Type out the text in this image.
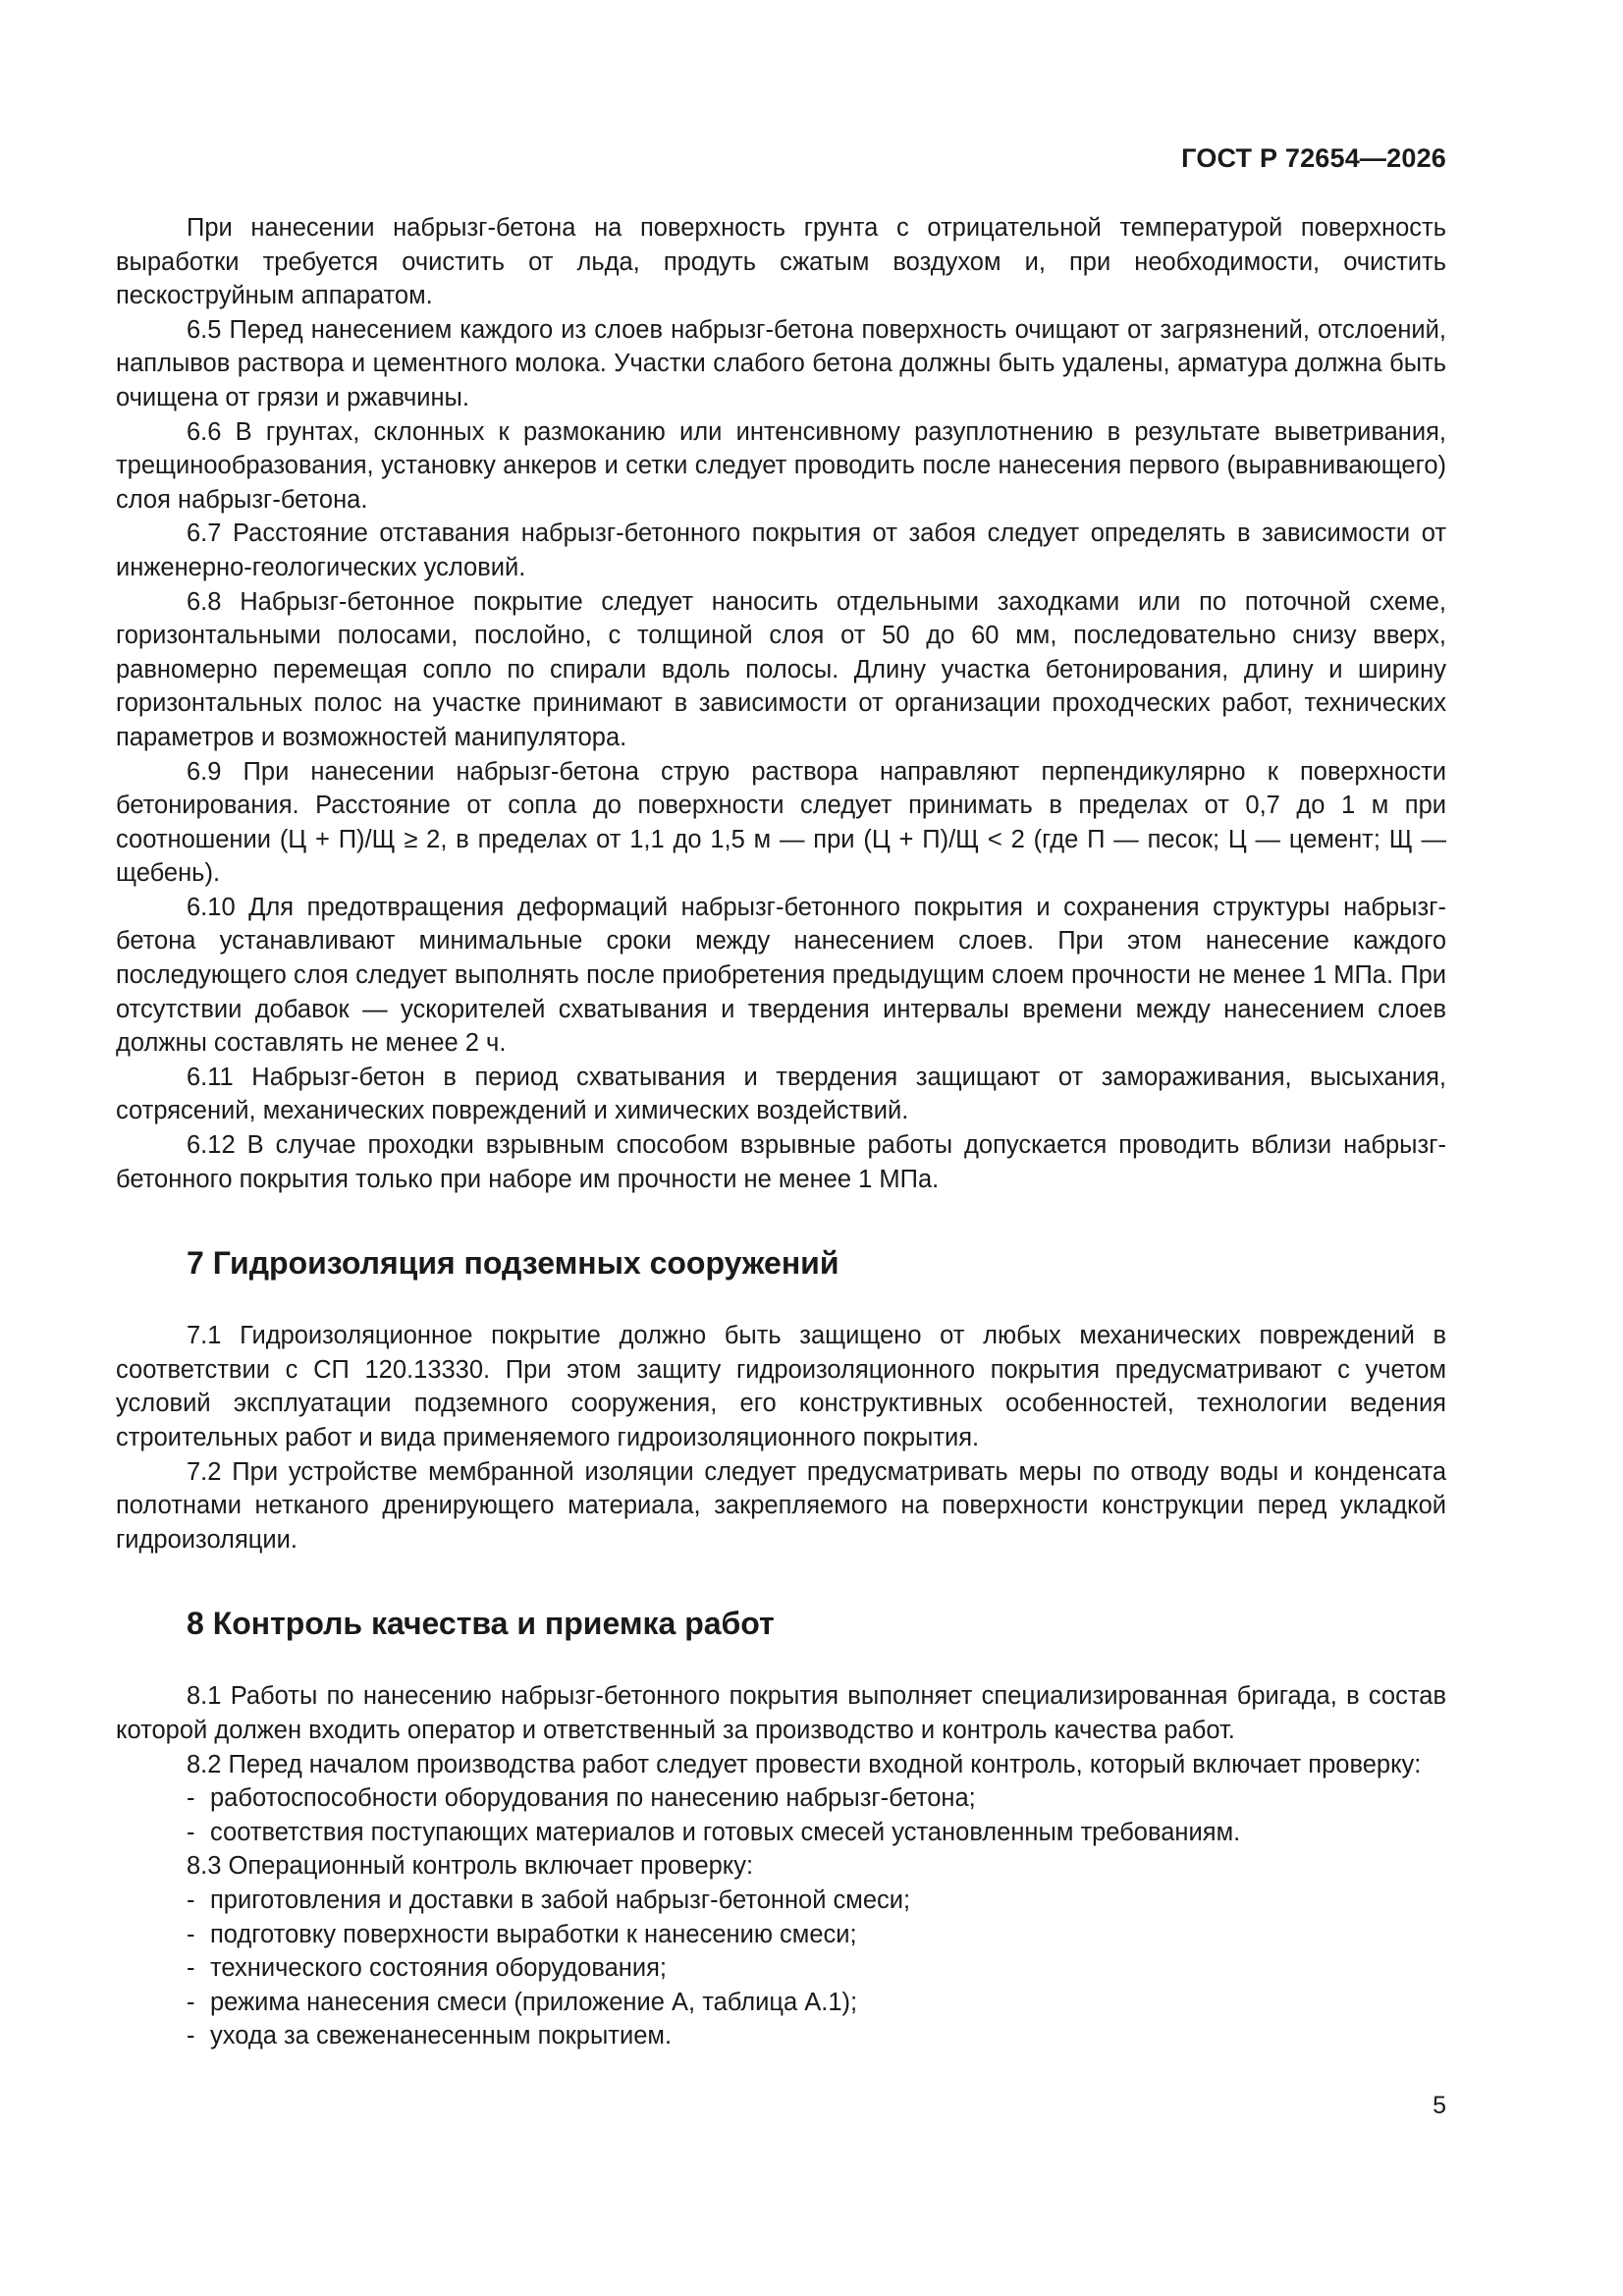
ГОСТ Р 72654—2026

При нанесении набрызг-бетона на поверхность грунта с отрицательной температурой поверхность выработки требуется очистить от льда, продуть сжатым воздухом и, при необходимости, очистить пескоструйным аппаратом.

6.5 Перед нанесением каждого из слоев набрызг-бетона поверхность очищают от загрязнений, отслоений, наплывов раствора и цементного молока. Участки слабого бетона должны быть удалены, арматура должна быть очищена от грязи и ржавчины.

6.6 В грунтах, склонных к размоканию или интенсивному разуплотнению в результате выветривания, трещинообразования, установку анкеров и сетки следует проводить после нанесения первого (выравнивающего) слоя набрызг-бетона.

6.7 Расстояние отставания набрызг-бетонного покрытия от забоя следует определять в зависимости от инженерно-геологических условий.

6.8 Набрызг-бетонное покрытие следует наносить отдельными заходками или по поточной схеме, горизонтальными полосами, послойно, с толщиной слоя от 50 до 60 мм, последовательно снизу вверх, равномерно перемещая сопло по спирали вдоль полосы. Длину участка бетонирования, длину и ширину горизонтальных полос на участке принимают в зависимости от организации проходческих работ, технических параметров и возможностей манипулятора.

6.9 При нанесении набрызг-бетона струю раствора направляют перпендикулярно к поверхности бетонирования. Расстояние от сопла до поверхности следует принимать в пределах от 0,7 до 1 м при соотношении (Ц + П)/Щ ≥ 2, в пределах от 1,1 до 1,5 м — при (Ц + П)/Щ < 2 (где П — песок; Ц — цемент; Щ — щебень).

6.10 Для предотвращения деформаций набрызг-бетонного покрытия и сохранения структуры набрызг-бетона устанавливают минимальные сроки между нанесением слоев. При этом нанесение каждого последующего слоя следует выполнять после приобретения предыдущим слоем прочности не менее 1 МПа. При отсутствии добавок — ускорителей схватывания и твердения интервалы времени между нанесением слоев должны составлять не менее 2 ч.

6.11 Набрызг-бетон в период схватывания и твердения защищают от замораживания, высыхания, сотрясений, механических повреждений и химических воздействий.

6.12 В случае проходки взрывным способом взрывные работы допускается проводить вблизи набрызг-бетонного покрытия только при наборе им прочности не менее 1 МПа.

7 Гидроизоляция подземных сооружений

7.1 Гидроизоляционное покрытие должно быть защищено от любых механических повреждений в соответствии с СП 120.13330. При этом защиту гидроизоляционного покрытия предусматривают с учетом условий эксплуатации подземного сооружения, его конструктивных особенностей, технологии ведения строительных работ и вида применяемого гидроизоляционного покрытия.

7.2 При устройстве мембранной изоляции следует предусматривать меры по отводу воды и конденсата полотнами нетканого дренирующего материала, закрепляемого на поверхности конструкции перед укладкой гидроизоляции.

8 Контроль качества и приемка работ

8.1 Работы по нанесению набрызг-бетонного покрытия выполняет специализированная бригада, в состав которой должен входить оператор и ответственный за производство и контроль качества работ.

8.2 Перед началом производства работ следует провести входной контроль, который включает проверку:

- работоспособности оборудования по нанесению набрызг-бетона;
- соответствия поступающих материалов и готовых смесей установленным требованиям.

8.3 Операционный контроль включает проверку:

- приготовления и доставки в забой набрызг-бетонной смеси;
- подготовку поверхности выработки к нанесению смеси;
- технического состояния оборудования;
- режима нанесения смеси (приложение А, таблица А.1);
- ухода за свеженанесенным покрытием.
5
